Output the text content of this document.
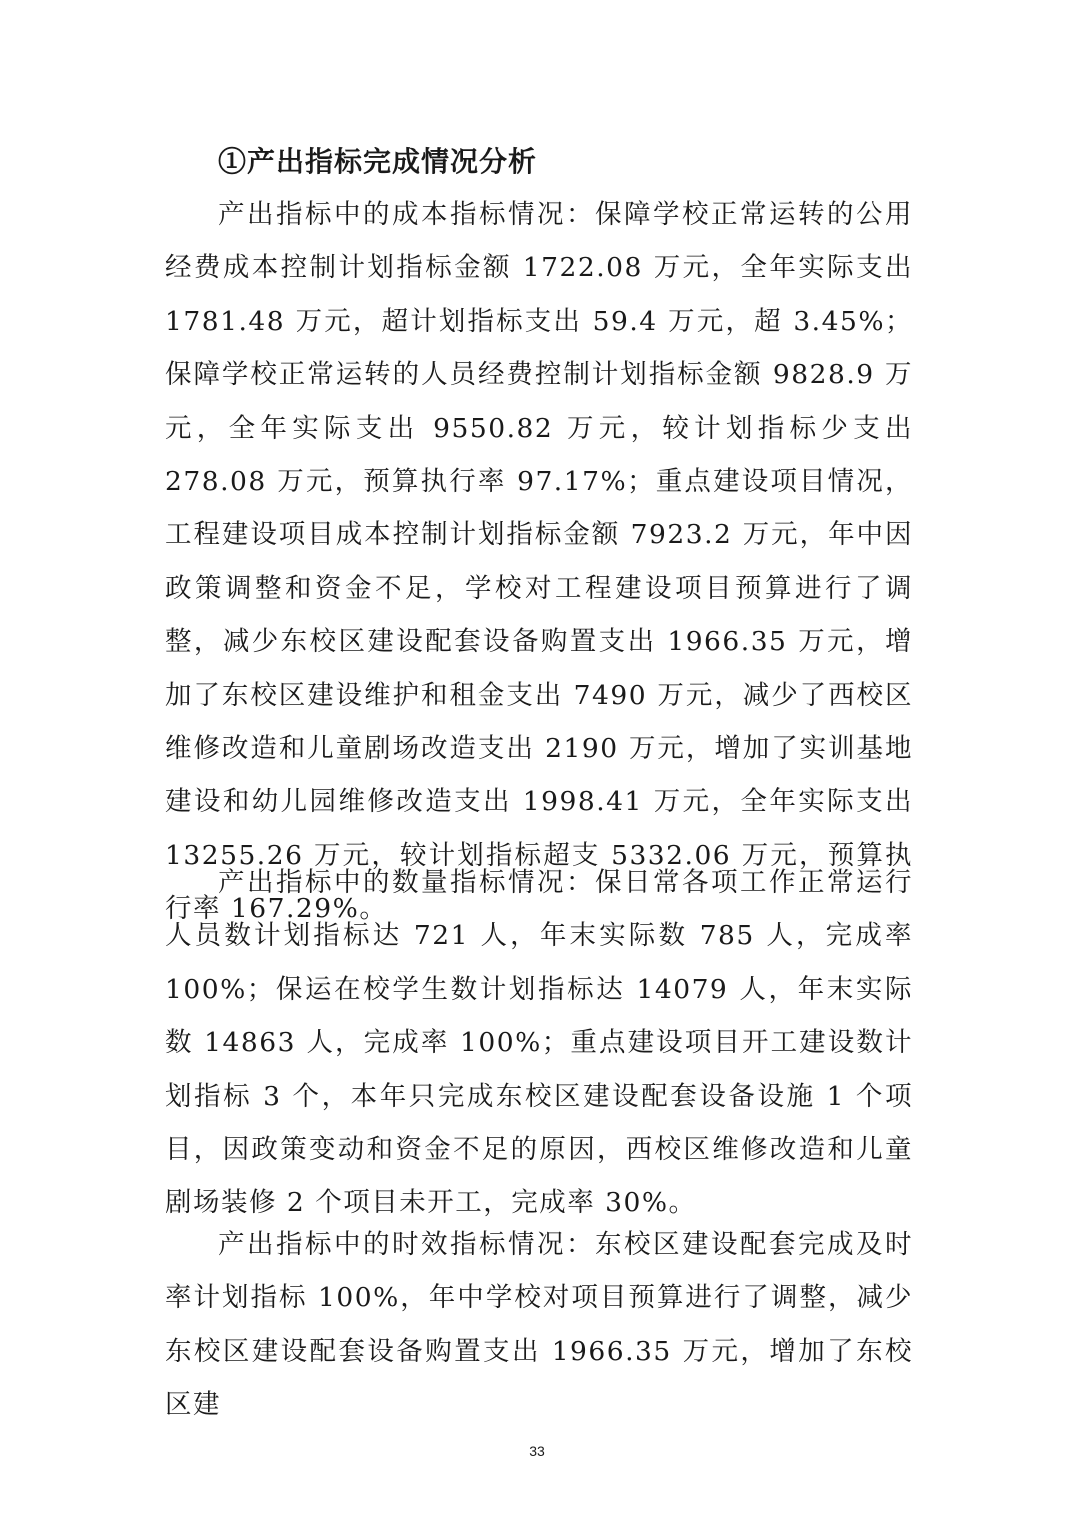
①产出指标完成情况分析

产出指标中的成本指标情况：保障学校正常运转的公用经费成本控制计划指标金额 1722.08 万元，全年实际支出 1781.48 万元，超计划指标支出 59.4 万元，超 3.45%；保障学校正常运转的人员经费控制计划指标金额 9828.9 万元，全年实际支出 9550.82 万元，较计划指标少支出 278.08 万元，预算执行率 97.17%；重点建设项目情况，工程建设项目成本控制计划指标金额 7923.2 万元，年中因政策调整和资金不足，学校对工程建设项目预算进行了调整，减少东校区建设配套设备购置支出 1966.35 万元，增加了东校区建设维护和租金支出 7490 万元，减少了西校区维修改造和儿童剧场改造支出 2190 万元，增加了实训基地建设和幼儿园维修改造支出 1998.41 万元，全年实际支出 13255.26 万元，较计划指标超支 5332.06 万元，预算执行率 167.29%。

产出指标中的数量指标情况：保日常各项工作正常运行人员数计划指标达 721 人，年末实际数 785 人，完成率 100%；保运在校学生数计划指标达 14079 人，年末实际数 14863 人，完成率 100%；重点建设项目开工建设数计划指标 3 个，本年只完成东校区建设配套设备设施 1 个项目，因政策变动和资金不足的原因，西校区维修改造和儿童剧场装修 2 个项目未开工，完成率 30%。

产出指标中的时效指标情况：东校区建设配套完成及时率计划指标 100%，年中学校对项目预算进行了调整，减少东校区建设配套设备购置支出 1966.35 万元，增加了东校区建

33
